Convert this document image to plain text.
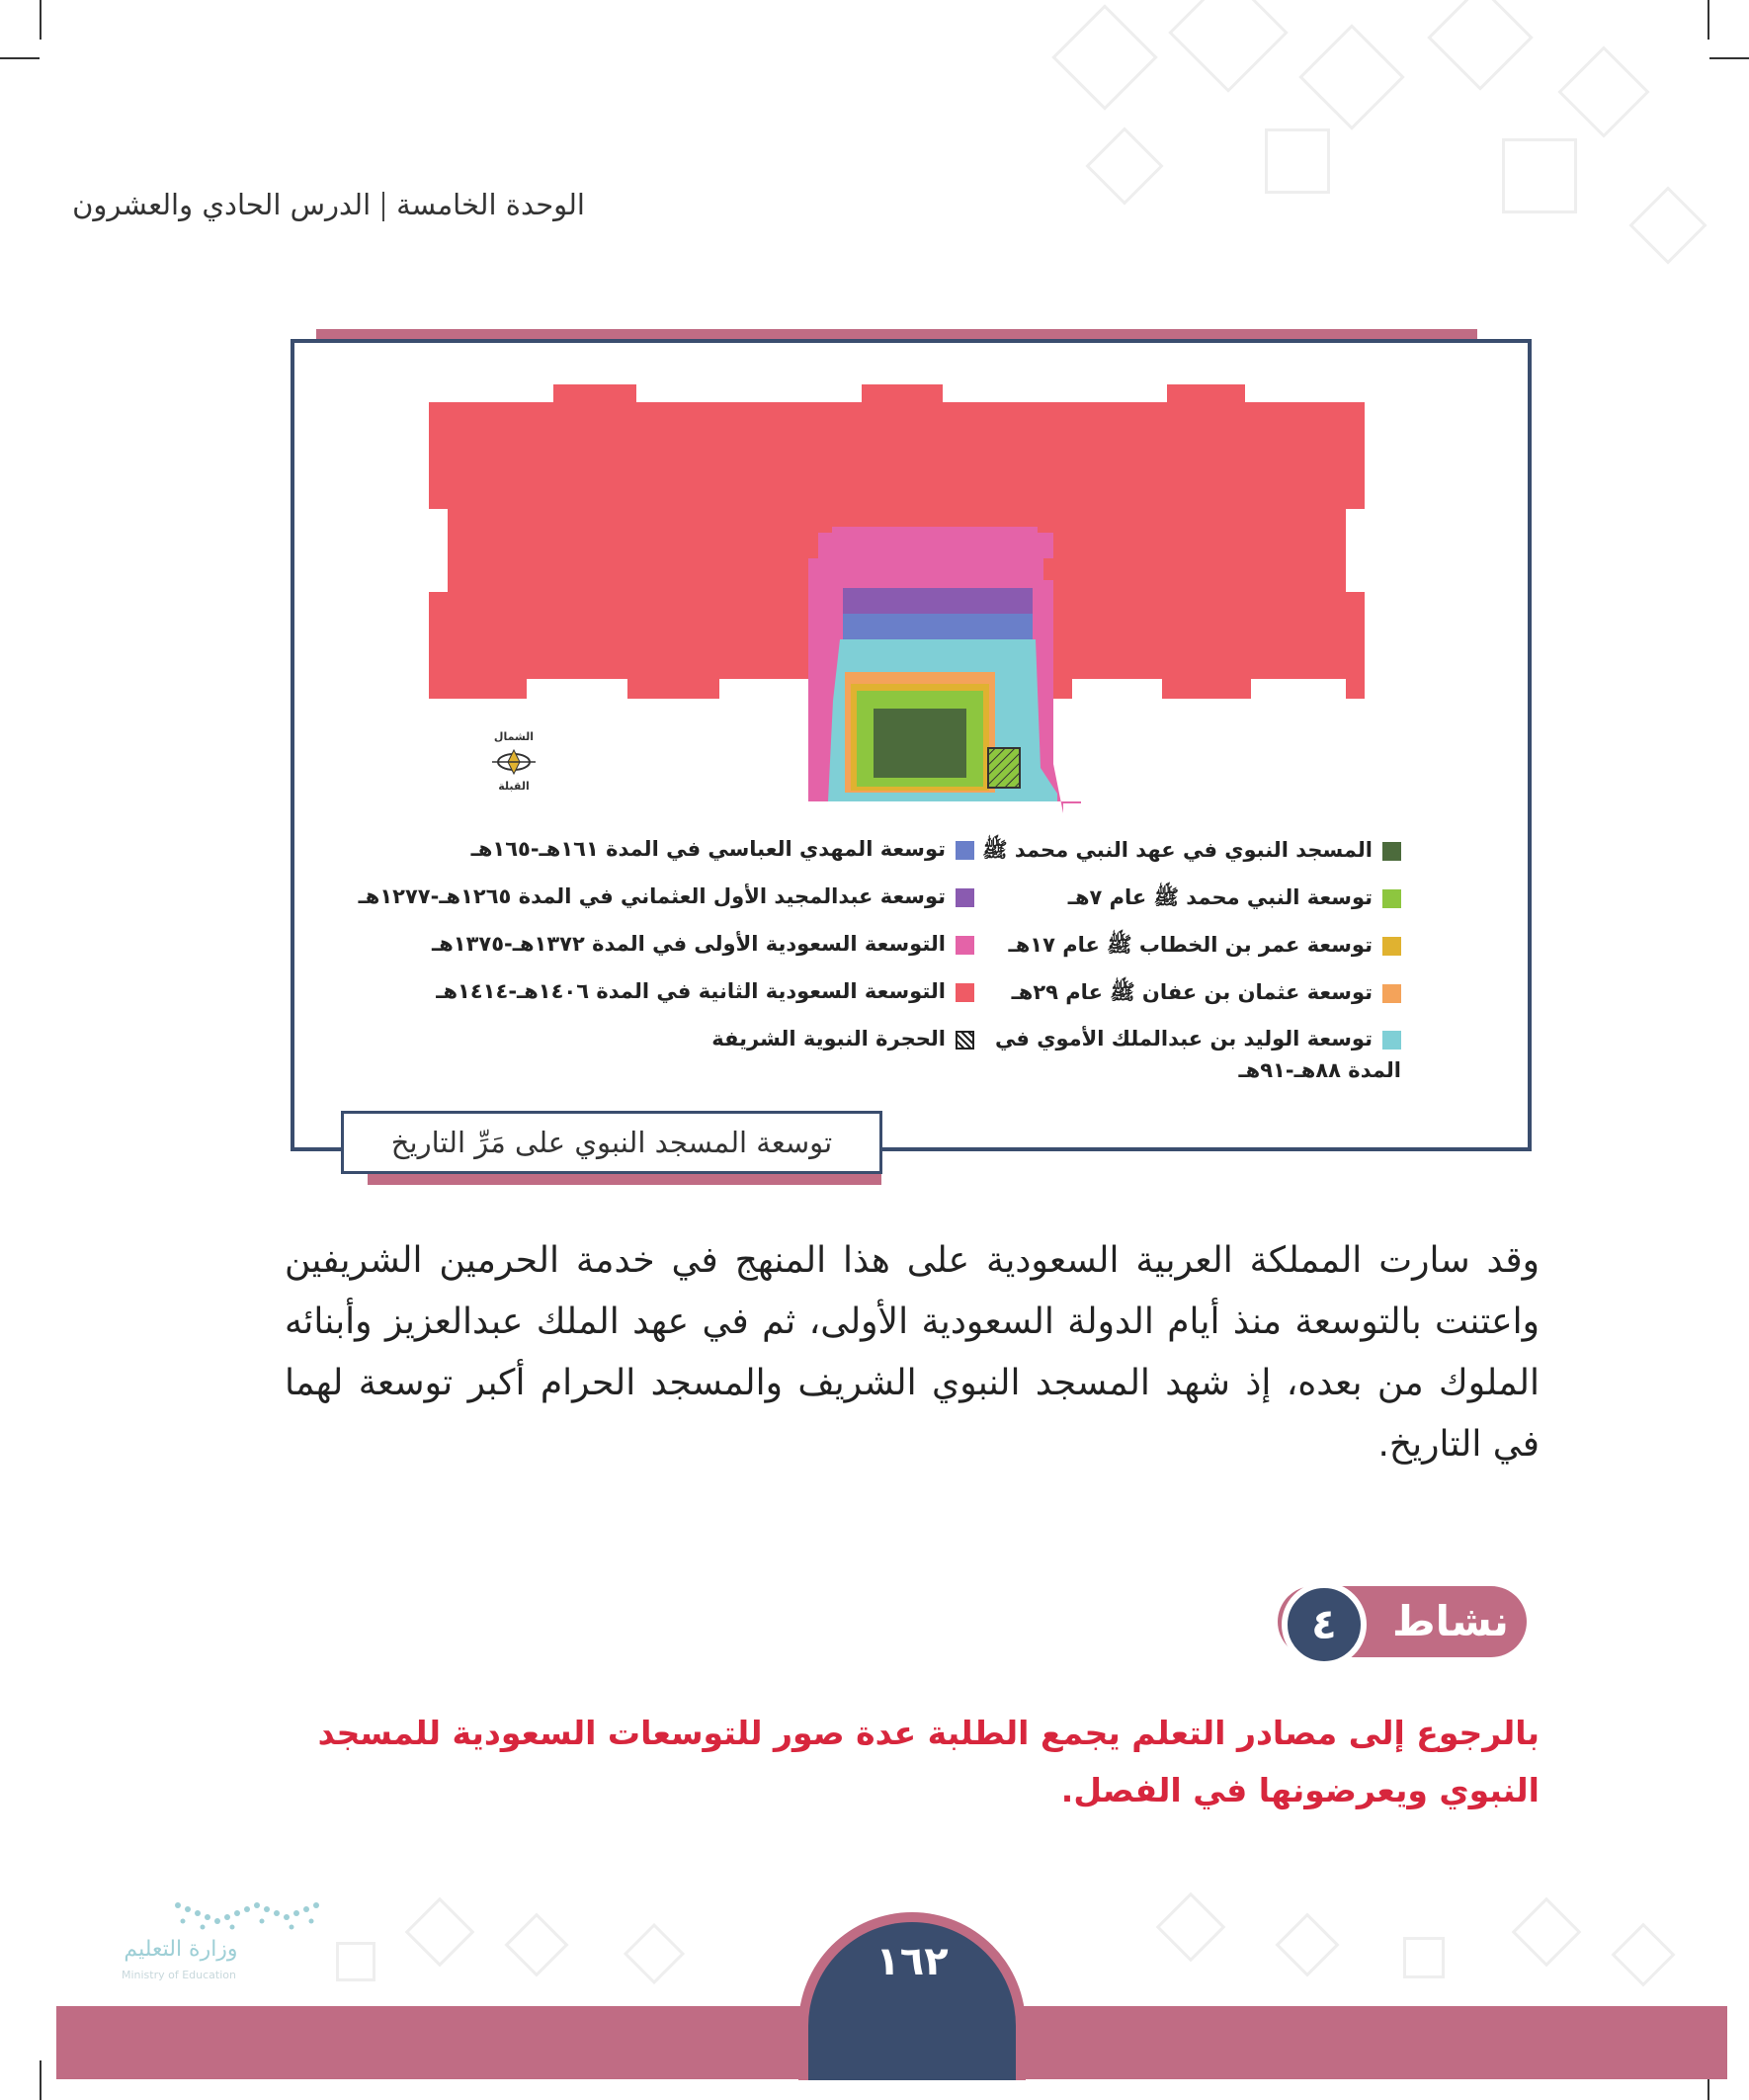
الوحدة الخامسةالدرس الحادي والعشرون
الشمال
القبلة
المسجد النبوي في عهد النبي محمد ﷺ
توسعة النبي محمد ﷺ عام ٧هـ
توسعة عمر بن الخطاب ﷺ عام ١٧هـ
توسعة عثمان بن عفان ﷺ عام ٢٩هـ
توسعة الوليد بن عبدالملك الأموي في
المدة ٨٨هـ-٩١هـ
توسعة المهدي العباسي في المدة ١٦١هـ-١٦٥هـ
توسعة عبدالمجيد الأول العثماني في المدة ١٢٦٥هـ-١٢٧٧هـ
التوسعة السعودية الأولى في المدة ١٣٧٢هـ-١٣٧٥هـ
التوسعة السعودية الثانية في المدة ١٤٠٦هـ-١٤١٤هـ
الحجرة النبوية الشريفة
توسعة المسجد النبوي على مَرِّ التاريخ
وقد سارت المملكة العربية السعودية على هذا المنهج في خدمة الحرمين الشريفين واعتنت بالتوسعة منذ أيام الدولة السعودية الأولى، ثم في عهد الملك عبدالعزيز وأبنائه الملوك من بعده، إذ شهد المسجد النبوي الشريف والمسجد الحرام أكبر توسعة لهما في التاريخ.
نشاط
٤
بالرجوع إلى مصادر التعلم يجمع الطلبة عدة صور للتوسعات السعودية للمسجد النبوي ويعرضونها في الفصل.
١٦٢
وزارة التعليم
Ministry of Education
